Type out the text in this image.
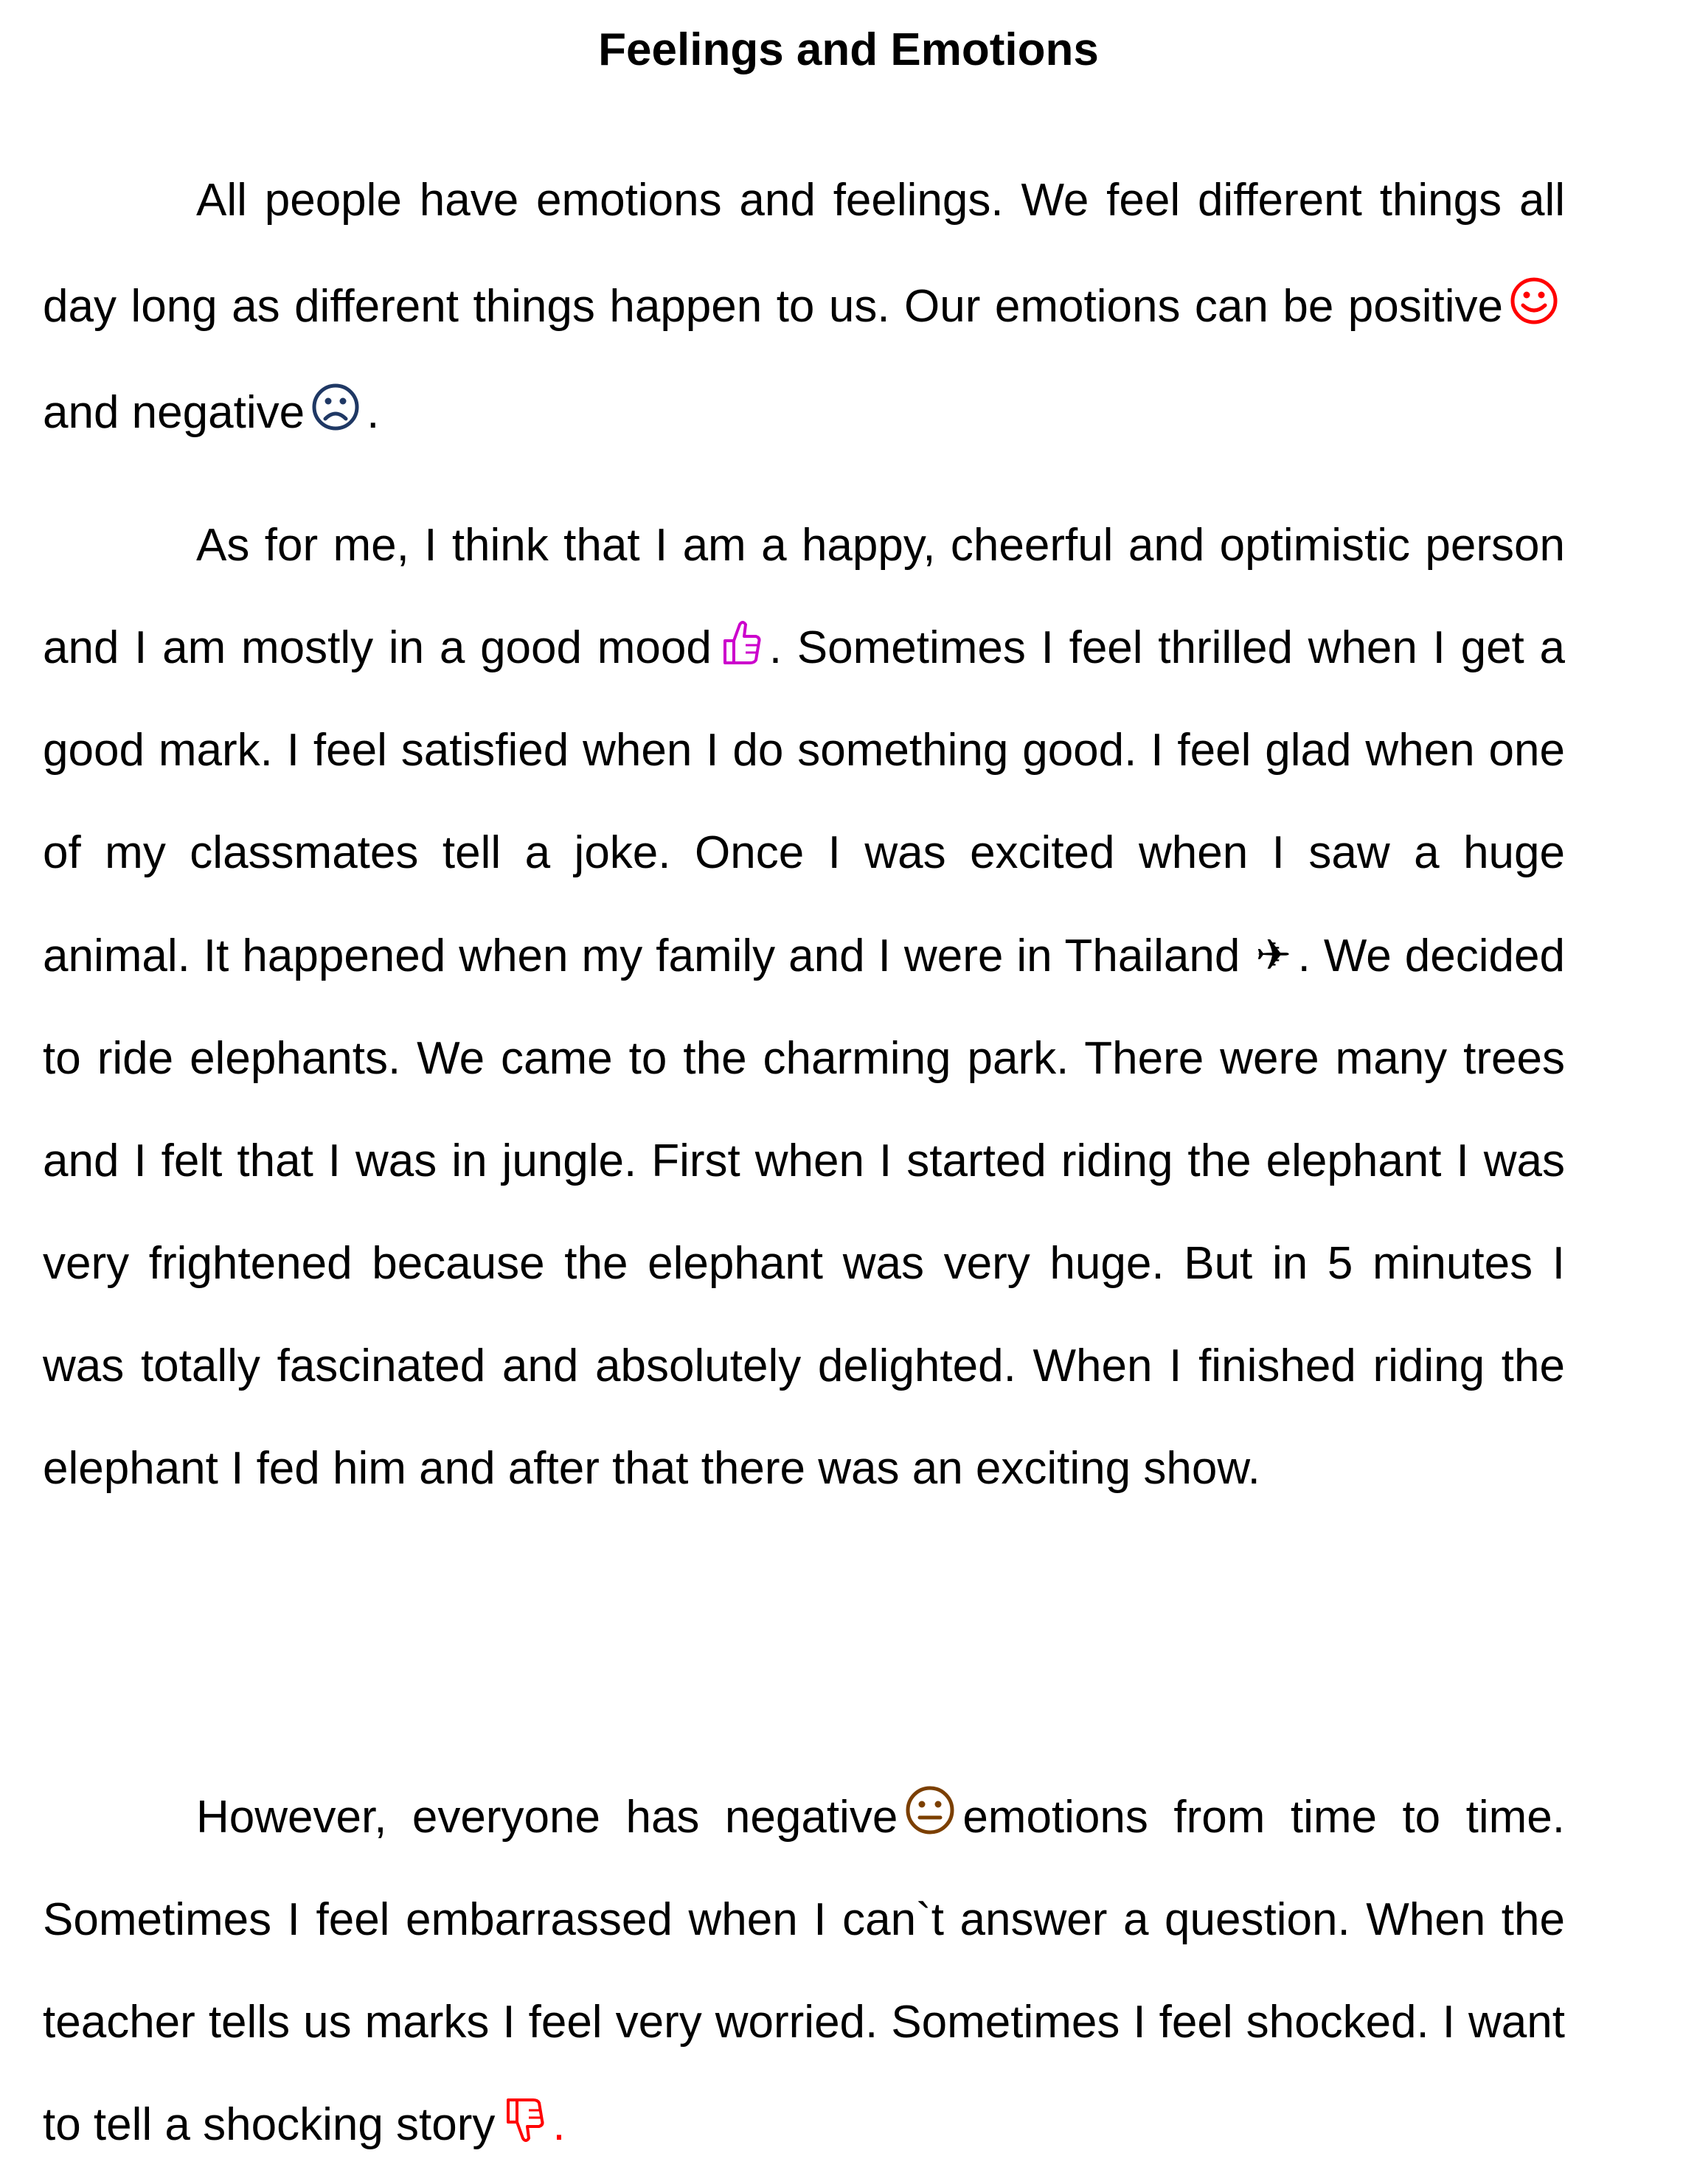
Feelings and Emotions

All people have emotions and feelings. We feel different things all day long as different things happen to us. Our emotions can be positive
and negative .

As for me, I think that I am a happy, cheerful and optimistic person and I am mostly in a good mood . Sometimes I feel thrilled when I get a good mark. I feel satisfied when I do something good. I feel glad when one of my classmates tell a joke. Once I was excited when I saw a huge animal. It happened when my family and I were in Thailand ✈ . We decided to ride elephants. We came to the charming park. There were many trees and I felt that I was in jungle. First when I started riding the elephant I was very frightened because the elephant was very huge. But in 5 minutes I was totally fascinated and absolutely delighted. When I finished riding the elephant I fed him and after that there was an exciting show.

However, everyone has negative emotions from time to time. Sometimes I feel embarrassed when I can`t answer a question. When the teacher tells us marks I feel very worried. Sometimes I feel shocked. I want to tell a shocking story .
